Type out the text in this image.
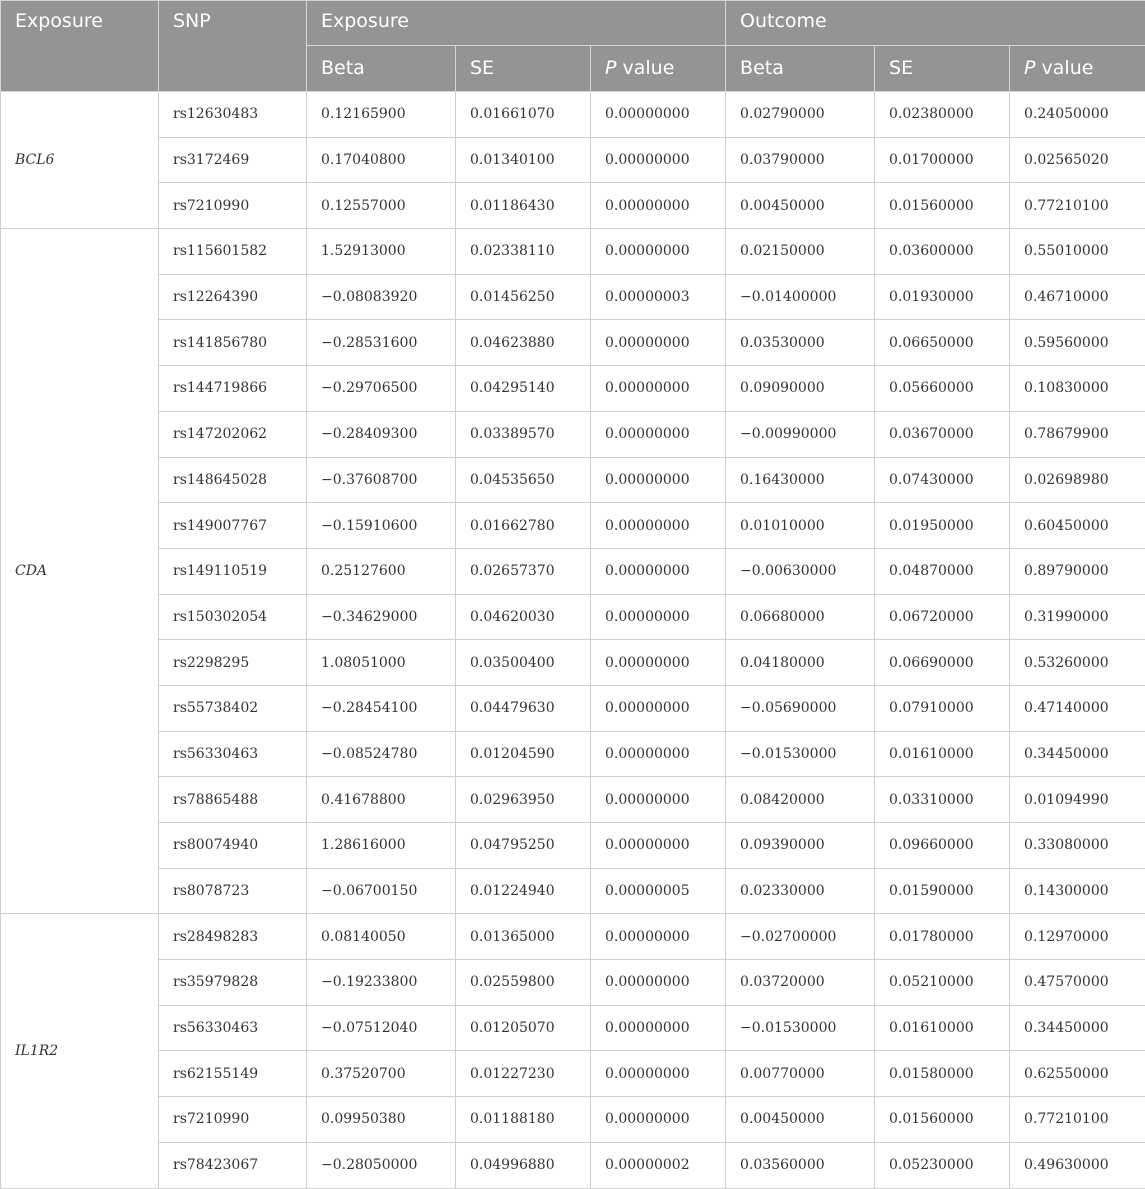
Exposure	SNP	Exposure			Outcome		
		Beta	SE	P value	Beta	SE	P value
BCL6	rs12630483	0.12165900	0.01661070	0.00000000	0.02790000	0.02380000	0.24050000
	rs3172469	0.17040800	0.01340100	0.00000000	0.03790000	0.01700000	0.02565020
	rs7210990	0.12557000	0.01186430	0.00000000	0.00450000	0.01560000	0.77210100
CDA	rs115601582	1.52913000	0.02338110	0.00000000	0.02150000	0.03600000	0.55010000
	rs12264390	−0.08083920	0.01456250	0.00000003	−0.01400000	0.01930000	0.46710000
	rs141856780	−0.28531600	0.04623880	0.00000000	0.03530000	0.06650000	0.59560000
	rs144719866	−0.29706500	0.04295140	0.00000000	0.09090000	0.05660000	0.10830000
	rs147202062	−0.28409300	0.03389570	0.00000000	−0.00990000	0.03670000	0.78679900
	rs148645028	−0.37608700	0.04535650	0.00000000	0.16430000	0.07430000	0.02698980
	rs149007767	−0.15910600	0.01662780	0.00000000	0.01010000	0.01950000	0.60450000
	rs149110519	0.25127600	0.02657370	0.00000000	−0.00630000	0.04870000	0.89790000
	rs150302054	−0.34629000	0.04620030	0.00000000	0.06680000	0.06720000	0.31990000
	rs2298295	1.08051000	0.03500400	0.00000000	0.04180000	0.06690000	0.53260000
	rs55738402	−0.28454100	0.04479630	0.00000000	−0.05690000	0.07910000	0.47140000
	rs56330463	−0.08524780	0.01204590	0.00000000	−0.01530000	0.01610000	0.34450000
	rs78865488	0.41678800	0.02963950	0.00000000	0.08420000	0.03310000	0.01094990
	rs80074940	1.28616000	0.04795250	0.00000000	0.09390000	0.09660000	0.33080000
	rs8078723	−0.06700150	0.01224940	0.00000005	0.02330000	0.01590000	0.14300000
IL1R2	rs28498283	0.08140050	0.01365000	0.00000000	−0.02700000	0.01780000	0.12970000
	rs35979828	−0.19233800	0.02559800	0.00000000	0.03720000	0.05210000	0.47570000
	rs56330463	−0.07512040	0.01205070	0.00000000	−0.01530000	0.01610000	0.34450000
	rs62155149	0.37520700	0.01227230	0.00000000	0.00770000	0.01580000	0.62550000
	rs7210990	0.09950380	0.01188180	0.00000000	0.00450000	0.01560000	0.77210100
	rs78423067	−0.28050000	0.04996880	0.00000002	0.03560000	0.05230000	0.49630000
